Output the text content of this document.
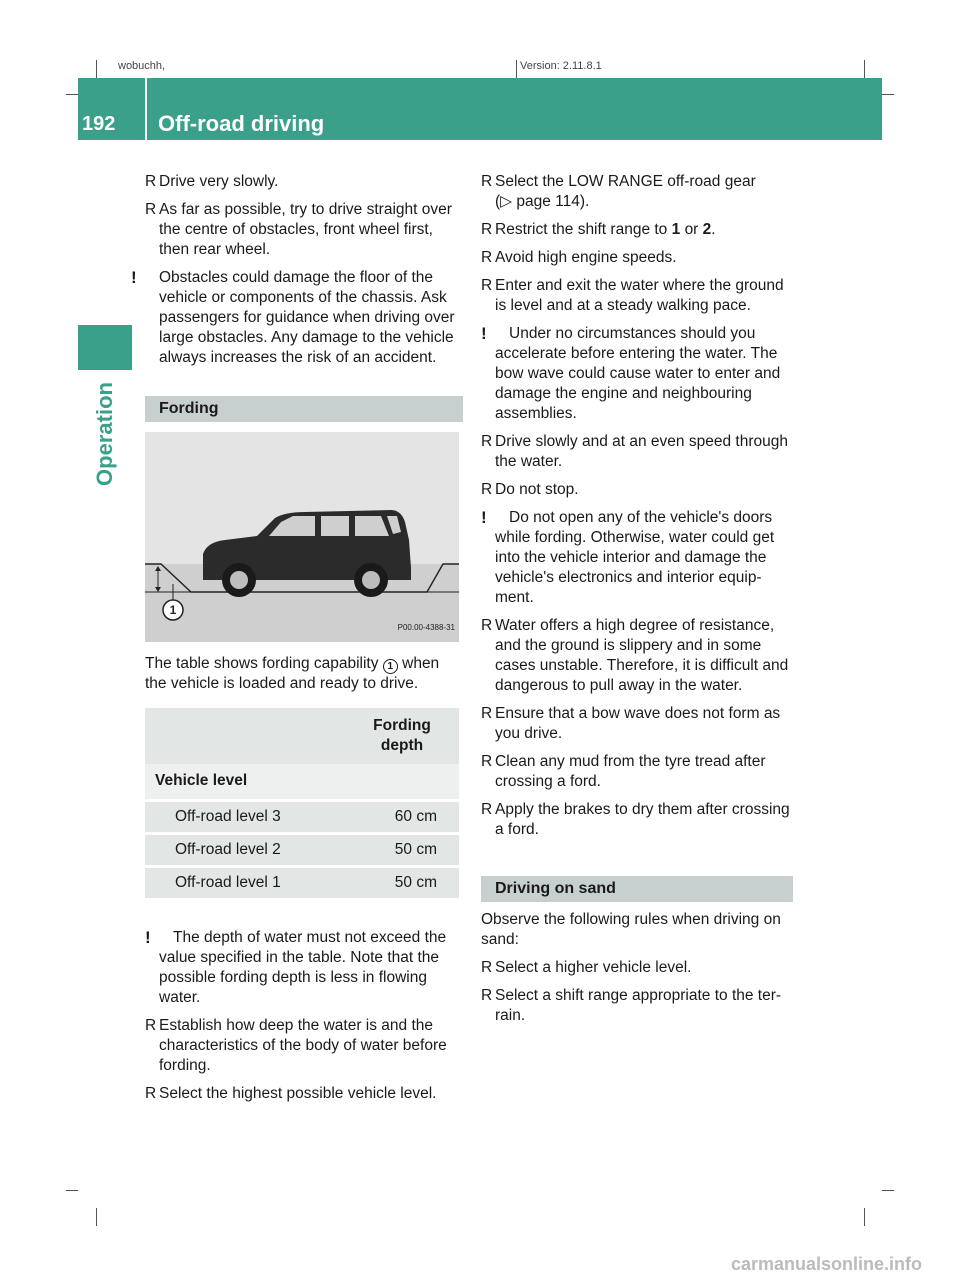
wobuchh,	Version: 2.11.8.1
192 Off-road driving
Operation
R Drive very slowly.
R As far as possible, try to drive straight over the centre of obstacles, front wheel first, then rear wheel.
! Obstacles could damage the floor of the vehicle or components of the chassis. Ask passengers for guidance when driving over large obstacles. Any damage to the vehicle always increases the risk of an accident.
Fording
1
P00.00-4388-31

The table shows fording capability 1 when the vehicle is loaded and ready to drive.

	Fording
depth

Vehicle level	
Off-road level 3	60 cm
Off-road level 2	50 cm
Off-road level 1	50 cm
! The depth of water must not exceed the value specified in the table. Note that the possible fording depth is less in flowing water.
R Establish how deep the water is and the characteristics of the body of water before fording.
R Select the highest possible vehicle level.
R Select the LOW RANGE off-road gear
(▷ page 114).
R Restrict the shift range to 1 or 2.
R Avoid high engine speeds.
R Enter and exit the water where the ground is level and at a steady walking pace.
! Under no circumstances should you accelerate before entering the water. The bow wave could cause water to enter and damage the engine and neighbouring assemblies.
R Drive slowly and at an even speed through the water.
R Do not stop.
! Do not open any of the vehicle's doors while fording. Otherwise, water could get into the vehicle interior and damage the vehicle's electronics and interior equip-ment.
R Water offers a high degree of resistance, and the ground is slippery and in some cases unstable. Therefore, it is difficult and dangerous to pull away in the water.
R Ensure that a bow wave does not form as you drive.
R Clean any mud from the tyre tread after crossing a ford.
R Apply the brakes to dry them after crossing a ford.
Driving on sand

Observe the following rules when driving on sand:

R Select a higher vehicle level.
R Select a shift range appropriate to the ter-rain.
carmanualsonline.info
